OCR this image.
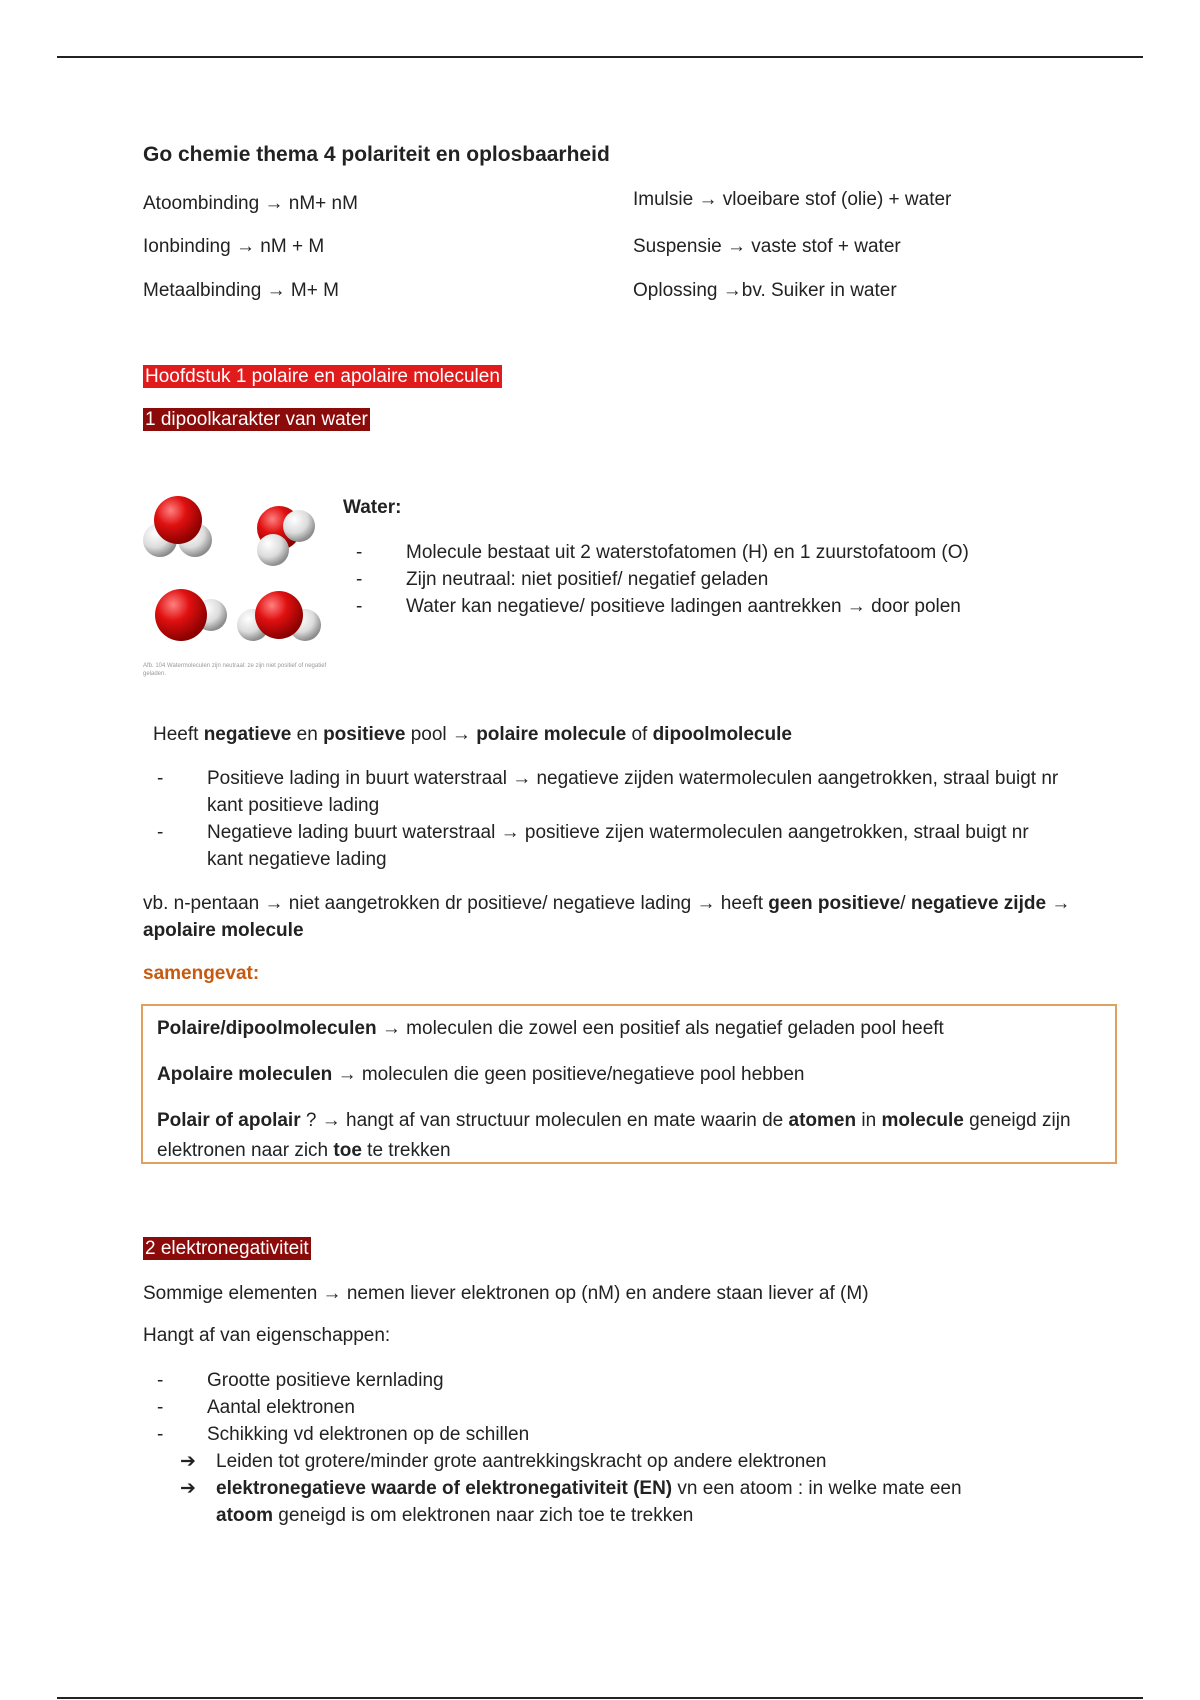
Go chemie thema 4 polariteit en oplosbaarheid
Atoombinding → nM+ nM
Ionbinding → nM + M
Metaalbinding → M+ M
Imulsie → vloeibare stof (olie) + water
Suspensie → vaste stof + water
Oplossing →bv. Suiker in water
Hoofdstuk 1 polaire en apolaire moleculen
1 dipoolkarakter van water
Afb. 104 Watermoleculen zijn neutraal: ze zijn niet positief of negatief geladen.
Water:
- Molecule bestaat uit 2 waterstofatomen (H) en 1 zuurstofatoom (O)
- Zijn neutraal: niet positief/ negatief geladen
- Water kan negatieve/ positieve ladingen aantrekken → door polen
Heeft negatieve en positieve pool → polaire molecule of dipoolmolecule
- Positieve lading in buurt waterstraal → negatieve zijden watermoleculen aangetrokken, straal buigt nr kant positieve lading
- Negatieve lading buurt waterstraal → positieve zijen watermoleculen aangetrokken, straal buigt nr kant negatieve lading
vb. n-pentaan → niet aangetrokken dr positieve/ negatieve lading → heeft geen positieve/ negatieve zijde → apolaire molecule
samengevat:

Polaire/dipoolmoleculen → moleculen die zowel een positief als negatief geladen pool heeft

Apolaire moleculen → moleculen die geen positieve/negatieve pool hebben

Polair of apolair ? → hangt af van structuur moleculen en mate waarin de atomen in molecule geneigd zijn elektronen naar zich toe te trekken

2 elektronegativiteit
Sommige elementen → nemen liever elektronen op (nM) en andere staan liever af (M)
Hangt af van eigenschappen:
- Grootte positieve kernlading
- Aantal elektronen
- Schikking vd elektronen op de schillen
➔ Leiden tot grotere/minder grote aantrekkingskracht op andere elektronen
➔ elektronegatieve waarde of elektronegativiteit (EN) vn een atoom : in welke mate een atoom geneigd is om elektronen naar zich toe te trekken
